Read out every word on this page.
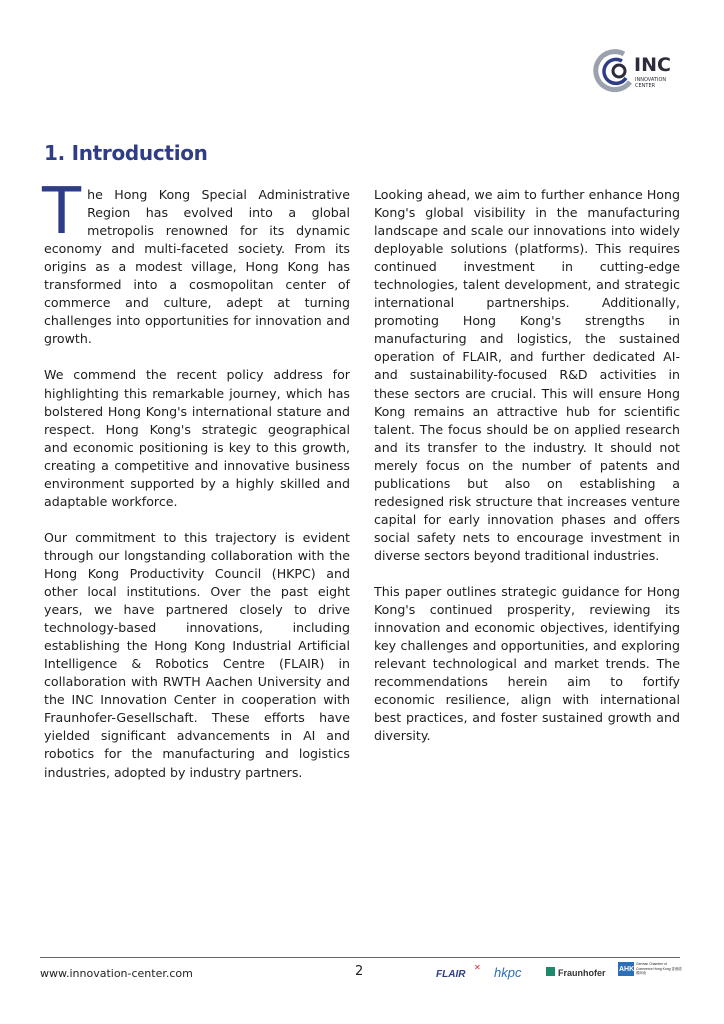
INC
INNOVATION CENTER
1. Introduction

The Hong Kong Special Administrative Region has evolved into a global metropolis renowned for its dynamic economy and multi-faceted society. From its origins as a modest village, Hong Kong has transformed into a cosmopolitan center of commerce and culture, adept at turning challenges into opportunities for innovation and growth.

We commend the recent policy address for highlighting this remarkable journey, which has bolstered Hong Kong's international stature and respect. Hong Kong's strategic geographical and economic positioning is key to this growth, creating a competitive and innovative business environment supported by a highly skilled and adaptable workforce.

Our commitment to this trajectory is evident through our longstanding collaboration with the Hong Kong Productivity Council (HKPC) and other local institutions. Over the past eight years, we have partnered closely to drive technology-based innovations, including establishing the Hong Kong Industrial Artificial Intelligence & Robotics Centre (FLAIR) in collaboration with RWTH Aachen University and the INC Innovation Center in cooperation with Fraunhofer-Gesellschaft. These efforts have yielded significant advancements in AI and robotics for the manufacturing and logistics industries, adopted by industry partners.

Looking ahead, we aim to further enhance Hong Kong's global visibility in the manufacturing landscape and scale our innovations into widely deployable solutions (platforms). This requires continued investment in cutting-edge technologies, talent development, and strategic international partnerships. Additionally, promoting Hong Kong's strengths in manufacturing and logistics, the sustained operation of FLAIR, and further dedicated AI- and sustainability-focused R&D activities in these sectors are crucial. This will ensure Hong Kong remains an attractive hub for scientific talent. The focus should be on applied research and its transfer to the industry. It should not merely focus on the number of patents and publications but also on establishing a redesigned risk structure that increases venture capital for early innovation phases and offers social safety nets to encourage investment in diverse sectors beyond traditional industries.

This paper outlines strategic guidance for Hong Kong's continued prosperity, reviewing its innovation and economic objectives, identifying key challenges and opportunities, and exploring relevant technological and market trends. The recommendations herein aim to fortify economic resilience, align with international best practices, and foster sustained growth and diversity.

www.innovation-center.com	2	FLAIR
✕ hkpc	Fraunhofer AHK
German Chamber of Commerce Hong Kong 香港德國商會
